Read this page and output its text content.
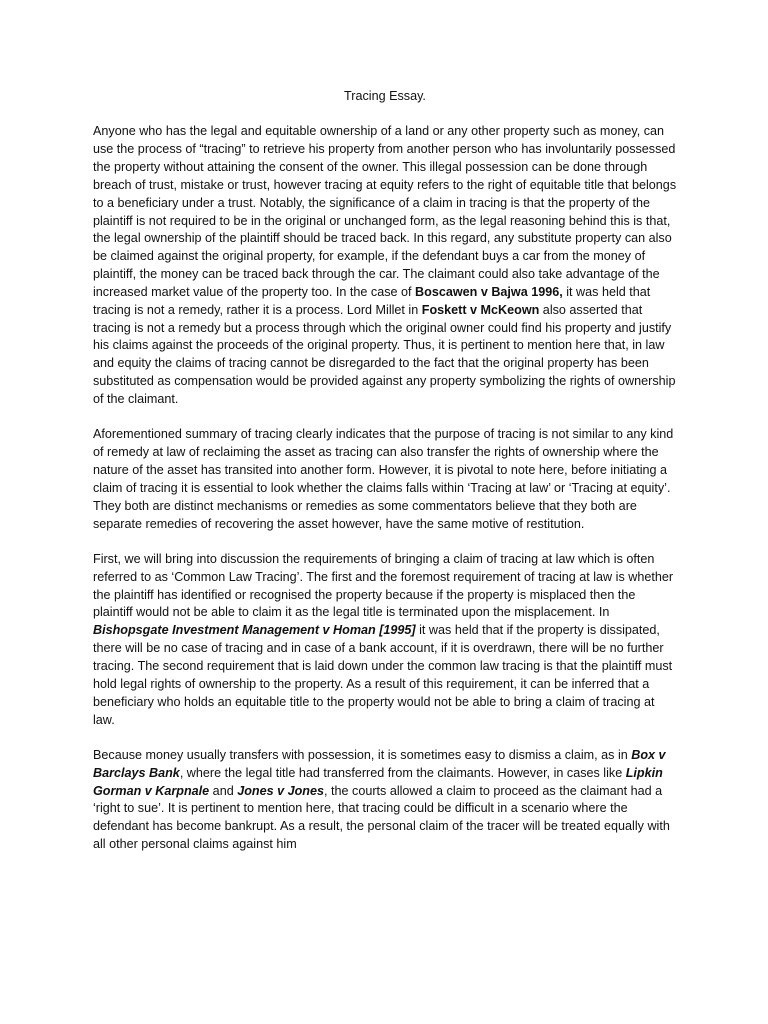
Tracing Essay.

Anyone who has the legal and equitable ownership of a land or any other property such as money, can use the process of “tracing” to retrieve his property from another person who has involuntarily possessed the property without attaining the consent of the owner. This illegal possession can be done through breach of trust, mistake or trust, however tracing at equity refers to the right of equitable title that belongs to a beneficiary under a trust. Notably, the significance of a claim in tracing is that the property of the plaintiff is not required to be in the original or unchanged form, as the legal reasoning behind this is that, the legal ownership of the plaintiff should be traced back. In this regard, any substitute property can also be claimed against the original property, for example, if the defendant buys a car from the money of plaintiff, the money can be traced back through the car. The claimant could also take advantage of the increased market value of the property too. In the case of Boscawen v Bajwa 1996, it was held that tracing is not a remedy, rather it is a process. Lord Millet in Foskett v McKeown also asserted that tracing is not a remedy but a process through which the original owner could find his property and justify his claims against the proceeds of the original property. Thus, it is pertinent to mention here that, in law and equity the claims of tracing cannot be disregarded to the fact that the original property has been substituted as compensation would be provided against any property symbolizing the rights of ownership of the claimant.

Aforementioned summary of tracing clearly indicates that the purpose of tracing is not similar to any kind of remedy at law of reclaiming the asset as tracing can also transfer the rights of ownership where the nature of the asset has transited into another form. However, it is pivotal to note here, before initiating a claim of tracing it is essential to look whether the claims falls within ‘Tracing at law’ or ‘Tracing at equity’. They both are distinct mechanisms or remedies as some commentators believe that they both are separate remedies of recovering the asset however, have the same motive of restitution.

First, we will bring into discussion the requirements of bringing a claim of tracing at law which is often referred to as ‘Common Law Tracing’. The first and the foremost requirement of tracing at law is whether the plaintiff has identified or recognised the property because if the property is misplaced then the plaintiff would not be able to claim it as the legal title is terminated upon the misplacement. In Bishopsgate Investment Management v Homan [1995] it was held that if the property is dissipated, there will be no case of tracing and in case of a bank account, if it is overdrawn, there will be no further tracing. The second requirement that is laid down under the common law tracing is that the plaintiff must hold legal rights of ownership to the property. As a result of this requirement, it can be inferred that a beneficiary who holds an equitable title to the property would not be able to bring a claim of tracing at law.

Because money usually transfers with possession, it is sometimes easy to dismiss a claim, as in Box v Barclays Bank, where the legal title had transferred from the claimants. However, in cases like Lipkin Gorman v Karpnale and Jones v Jones, the courts allowed a claim to proceed as the claimant had a ‘right to sue’. It is pertinent to mention here, that tracing could be difficult in a scenario where the defendant has become bankrupt. As a result, the personal claim of the tracer will be treated equally with all other personal claims against him
